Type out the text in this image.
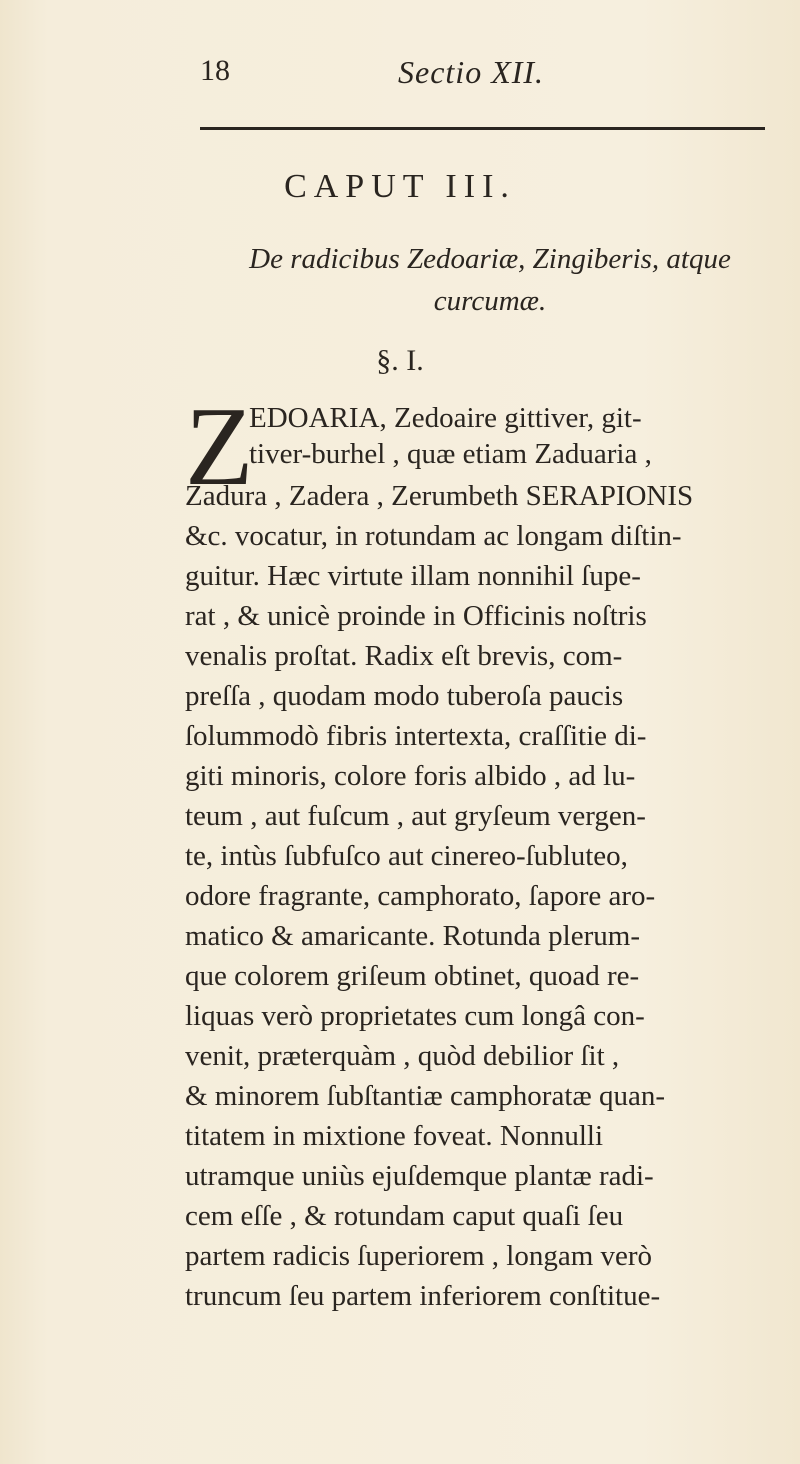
18	Sectio XII.
CAPUT III.
De radicibus Zedoariæ, Zingiberis, atque
curcumæ.
§. I.
Z
EDOARIA, Zedoaire gittiver, git-
tiver-burhel , quæ etiam Zaduaria ,
Zadura , Zadera , Zerumbeth SERAPIONIS
&c. vocatur, in rotundam ac longam diſtin-
guitur. Hæc virtute illam nonnihil ſupe-
rat , & unicè proinde in Officinis noſtris
venalis proſtat. Radix eſt brevis, com-
preſſa , quodam modo tuberoſa paucis
ſolummodò fibris intertexta, craſſitie di-
giti minoris, colore foris albido , ad lu-
teum , aut fuſcum , aut gryſeum vergen-
te, intùs ſubfuſco aut cinereo-ſubluteo,
odore fragrante, camphorato, ſapore aro-
matico & amaricante. Rotunda plerum-
que colorem griſeum obtinet, quoad re-
liquas verò proprietates cum longâ con-
venit, præterquàm , quòd debilior ſit ,
& minorem ſubſtantiæ camphoratæ quan-
titatem in mixtione foveat. Nonnulli
utramque uniùs ejuſdemque plantæ radi-
cem eſſe , & rotundam caput quaſi ſeu
partem radicis ſuperiorem , longam verò
truncum ſeu partem inferiorem conſtitue-
